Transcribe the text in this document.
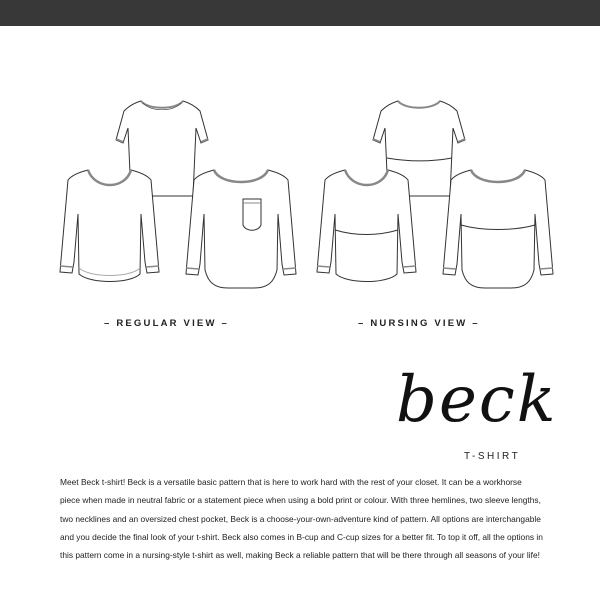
– REGULAR VIEW –	– NURSING VIEW –
beck
T-SHIRT
Meet Beck t-shirt! Beck is a versatile basic pattern that is here to work hard with the rest of your closet. It can be a workhorse piece when made in neutral fabric or a statement piece when using a bold print or colour. With three hemlines, two sleeve lengths, two necklines and an oversized chest pocket, Beck is a choose-your-own-adventure kind of pattern. All options are interchangable and you decide the final look of your t-shirt. Beck also comes in B-cup and C-cup sizes for a better fit. To top it off, all the options in this pattern come in a nursing-style t-shirt as well, making Beck a reliable pattern that will be there through all seasons of your life!
